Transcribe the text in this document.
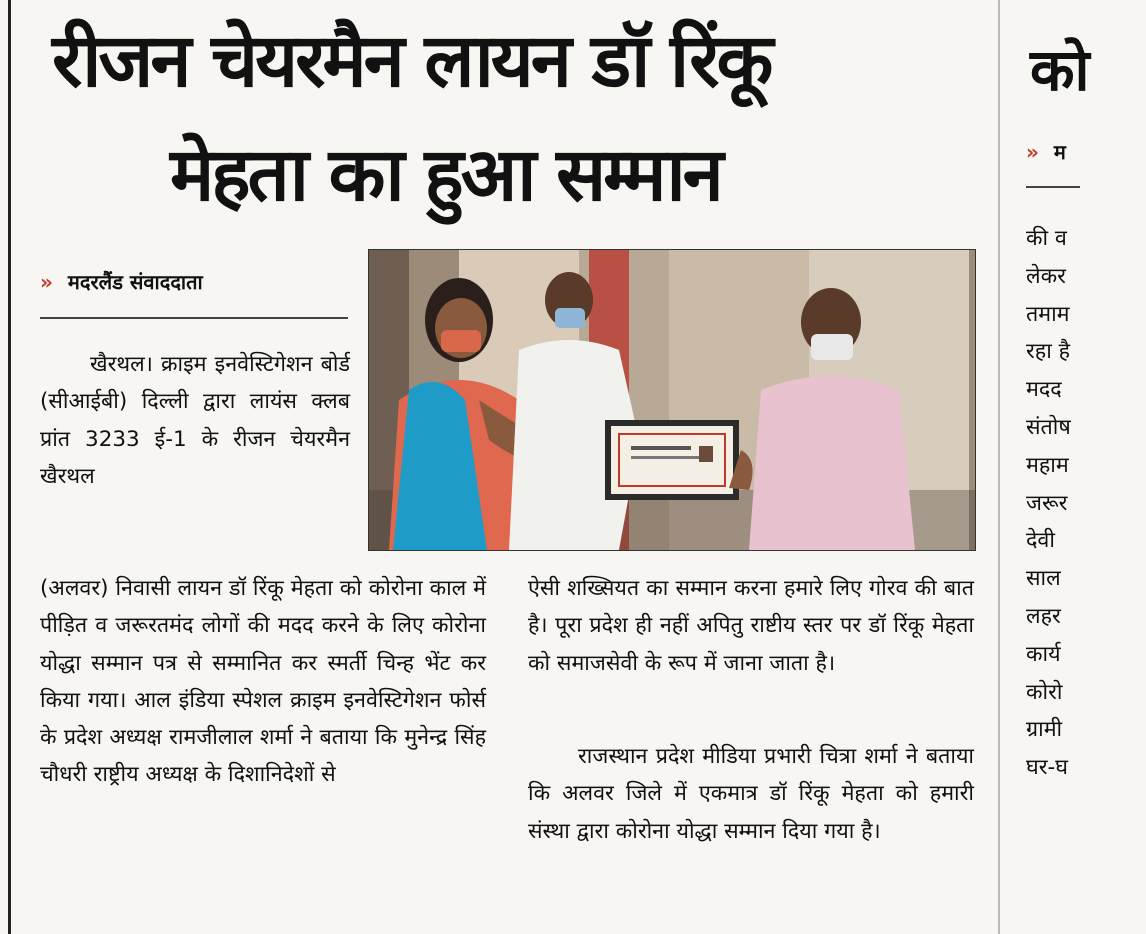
रीजन चेयरमैन लायन डॉ रिंकू
मेहता का हुआ सम्मान
» मदरलैंड संवाददाता

खैरथल। क्राइम इनवेस्टिगेशन बोर्ड (सीआईबी) दिल्ली द्वारा लायंस क्लब प्रांत 3233 ई-1 के रीजन चेयरमैन खैरथल

(अलवर) निवासी लायन डॉ रिंकू मेहता को कोरोना काल में पीड़ित व जरूरतमंद लोगों की मदद करने के लिए कोरोना योद्धा सम्मान पत्र से सम्मानित कर स्मर्ती चिन्ह भेंट कर किया गया। आल इंडिया स्पेशल क्राइम इनवेस्टिगेशन फोर्स के प्रदेश अध्यक्ष रामजीलाल शर्मा ने बताया कि मुनेन्द्र सिंह चौधरी राष्ट्रीय अध्यक्ष के दिशानिदेशों से

ऐसी शख्सियत का सम्मान करना हमारे लिए गोरव की बात है। पूरा प्रदेश ही नहीं अपितु राष्टीय स्तर पर डॉ रिंकू मेहता को समाजसेवी के रूप में जाना जाता है।

राजस्थान प्रदेश मीडिया प्रभारी चित्रा शर्मा ने बताया कि अलवर जिले में एकमात्र डॉ रिंकू मेहता को हमारी संस्था द्वारा कोरोना योद्धा सम्मान दिया गया है।

को
» म
की व
लेकर
तमाम
रहा है
मदद
संतोष
महाम
जरूर
देवी
साल
लहर
कार्य
कोरो
ग्रामी
घर-घ
